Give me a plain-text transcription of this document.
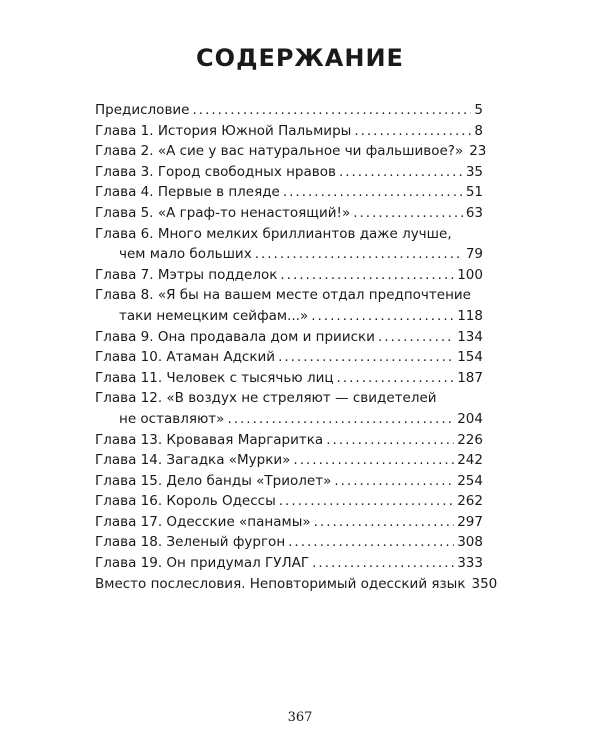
СОДЕРЖАНИЕ
Предисловие .....	5
Глава 1. История Южной Пальмиры .....	8
Глава 2. «А сие у вас натуральное чи фальшивое?» 23
Глава 3. Город свободных нравов .....	35
Глава 4. Первые в плеяде .....	51
Глава 5. «А граф-то ненастоящий!» .....	63
Глава 6. Много мелких бриллиантов даже лучше,
чем мало больших .....	79
Глава 7. Мэтры подделок .....	100
Глава 8. «Я бы на вашем месте отдал предпочтение
таки немецким сейфам...» .....	118
Глава 9. Она продавала дом и прииски .....	134
Глава 10. Атаман Адский .....	154
Глава 11. Человек с тысячью лиц .....	187
Глава 12. «В воздух не стреляют — свидетелей
не оставляют» .....	204
Глава 13. Кровавая Маргаритка .....	226
Глава 14. Загадка «Мурки» .....	242
Глава 15. Дело банды «Триолет» .....	254
Глава 16. Король Одессы .....	262
Глава 17. Одесские «панамы» .....	297
Глава 18. Зеленый фургон .....	308
Глава 19. Он придумал ГУЛАГ .....	333
Вместо послесловия. Неповторимый одесский язык 350
367
